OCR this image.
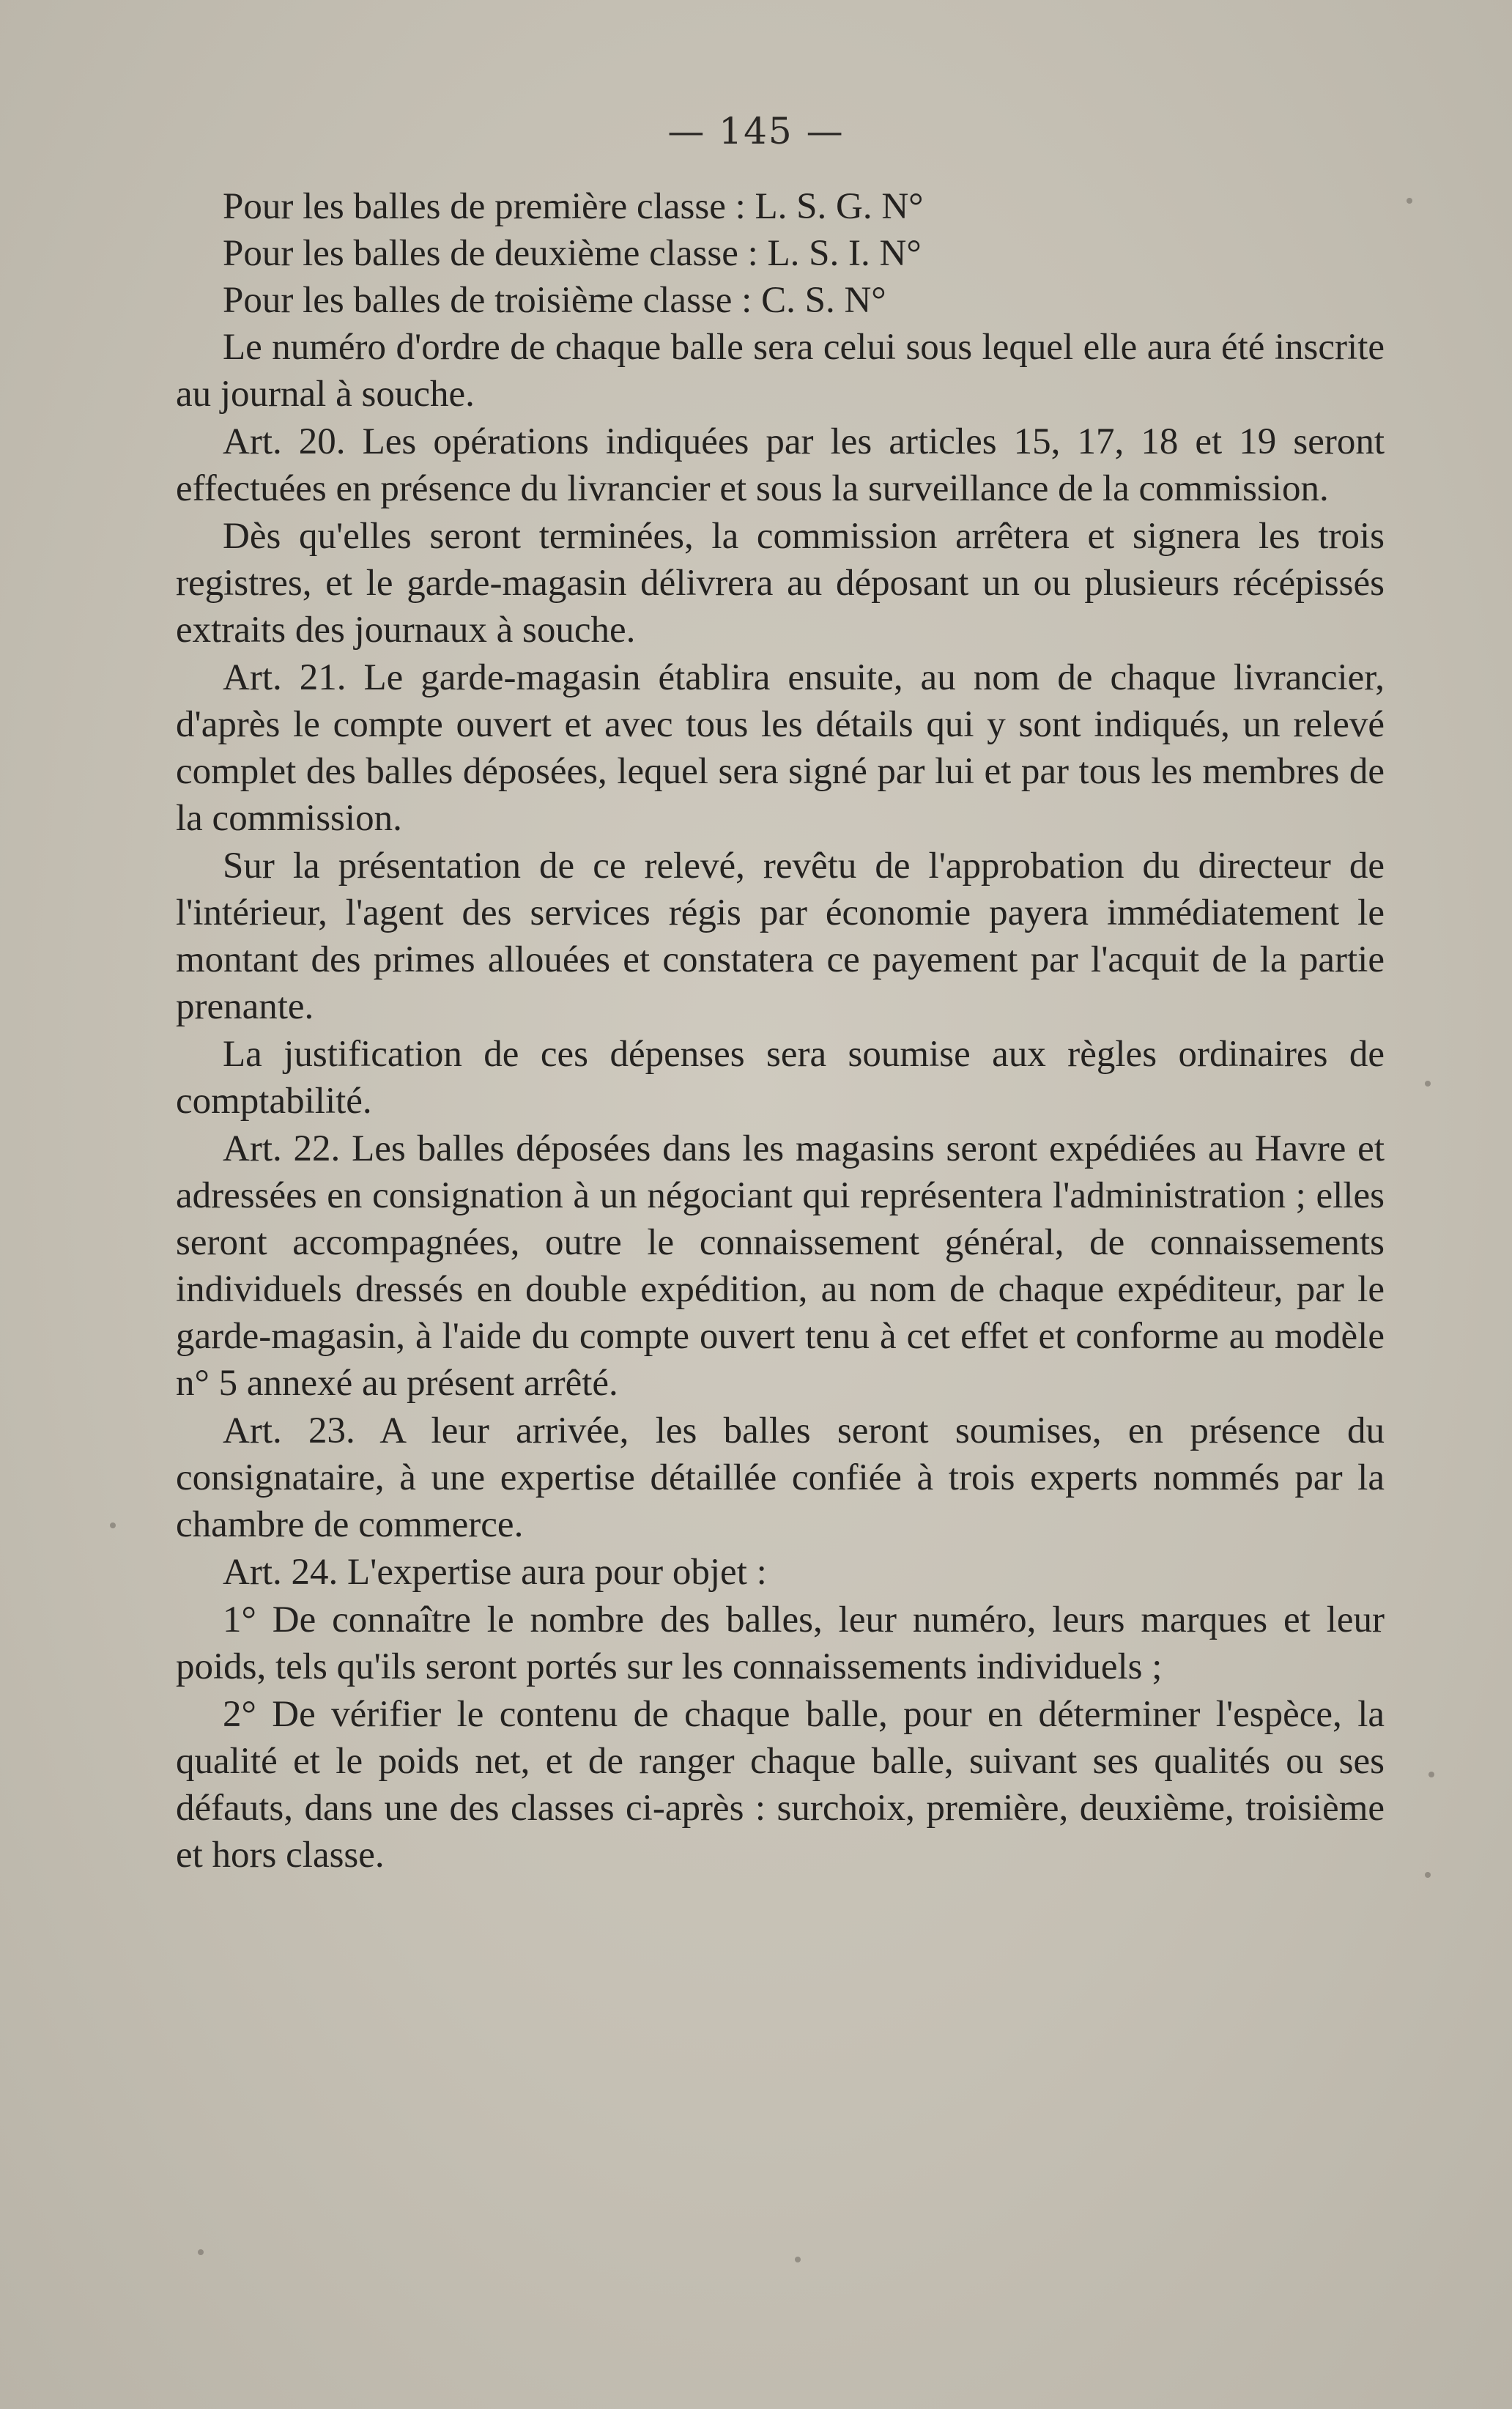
— 145 —
Pour les balles de première classe : L. S. G. N°
Pour les balles de deuxième classe : L. S. I. N°
Pour les balles de troisième classe : C. S. N°

Le numéro d'ordre de chaque balle sera celui sous lequel elle aura été inscrite au journal à souche.

Art. 20. Les opérations indiquées par les articles 15, 17, 18 et 19 seront effectuées en présence du livrancier et sous la surveillance de la commission.

Dès qu'elles seront terminées, la commission arrêtera et signera les trois registres, et le garde-magasin délivrera au déposant un ou plusieurs récépissés extraits des journaux à souche.

Art. 21. Le garde-magasin établira ensuite, au nom de chaque livrancier, d'après le compte ouvert et avec tous les détails qui y sont indiqués, un relevé complet des balles déposées, lequel sera signé par lui et par tous les membres de la commission.

Sur la présentation de ce relevé, revêtu de l'approbation du directeur de l'intérieur, l'agent des services régis par économie payera immédiatement le montant des primes allouées et constatera ce payement par l'acquit de la partie prenante.

La justification de ces dépenses sera soumise aux règles ordinaires de comptabilité.

Art. 22. Les balles déposées dans les magasins seront expédiées au Havre et adressées en consignation à un négociant qui représentera l'administration ; elles seront accompagnées, outre le connaissement général, de connaissements individuels dressés en double expédition, au nom de chaque expéditeur, par le garde-magasin, à l'aide du compte ouvert tenu à cet effet et conforme au modèle n° 5 annexé au présent arrêté.

Art. 23. A leur arrivée, les balles seront soumises, en présence du consignataire, à une expertise détaillée confiée à trois experts nommés par la chambre de commerce.

Art. 24. L'expertise aura pour objet :

1° De connaître le nombre des balles, leur numéro, leurs marques et leur poids, tels qu'ils seront portés sur les connaissements individuels ;

2° De vérifier le contenu de chaque balle, pour en déterminer l'espèce, la qualité et le poids net, et de ranger chaque balle, suivant ses qualités ou ses défauts, dans une des classes ci-après : surchoix, première, deuxième, troisième et hors classe.
